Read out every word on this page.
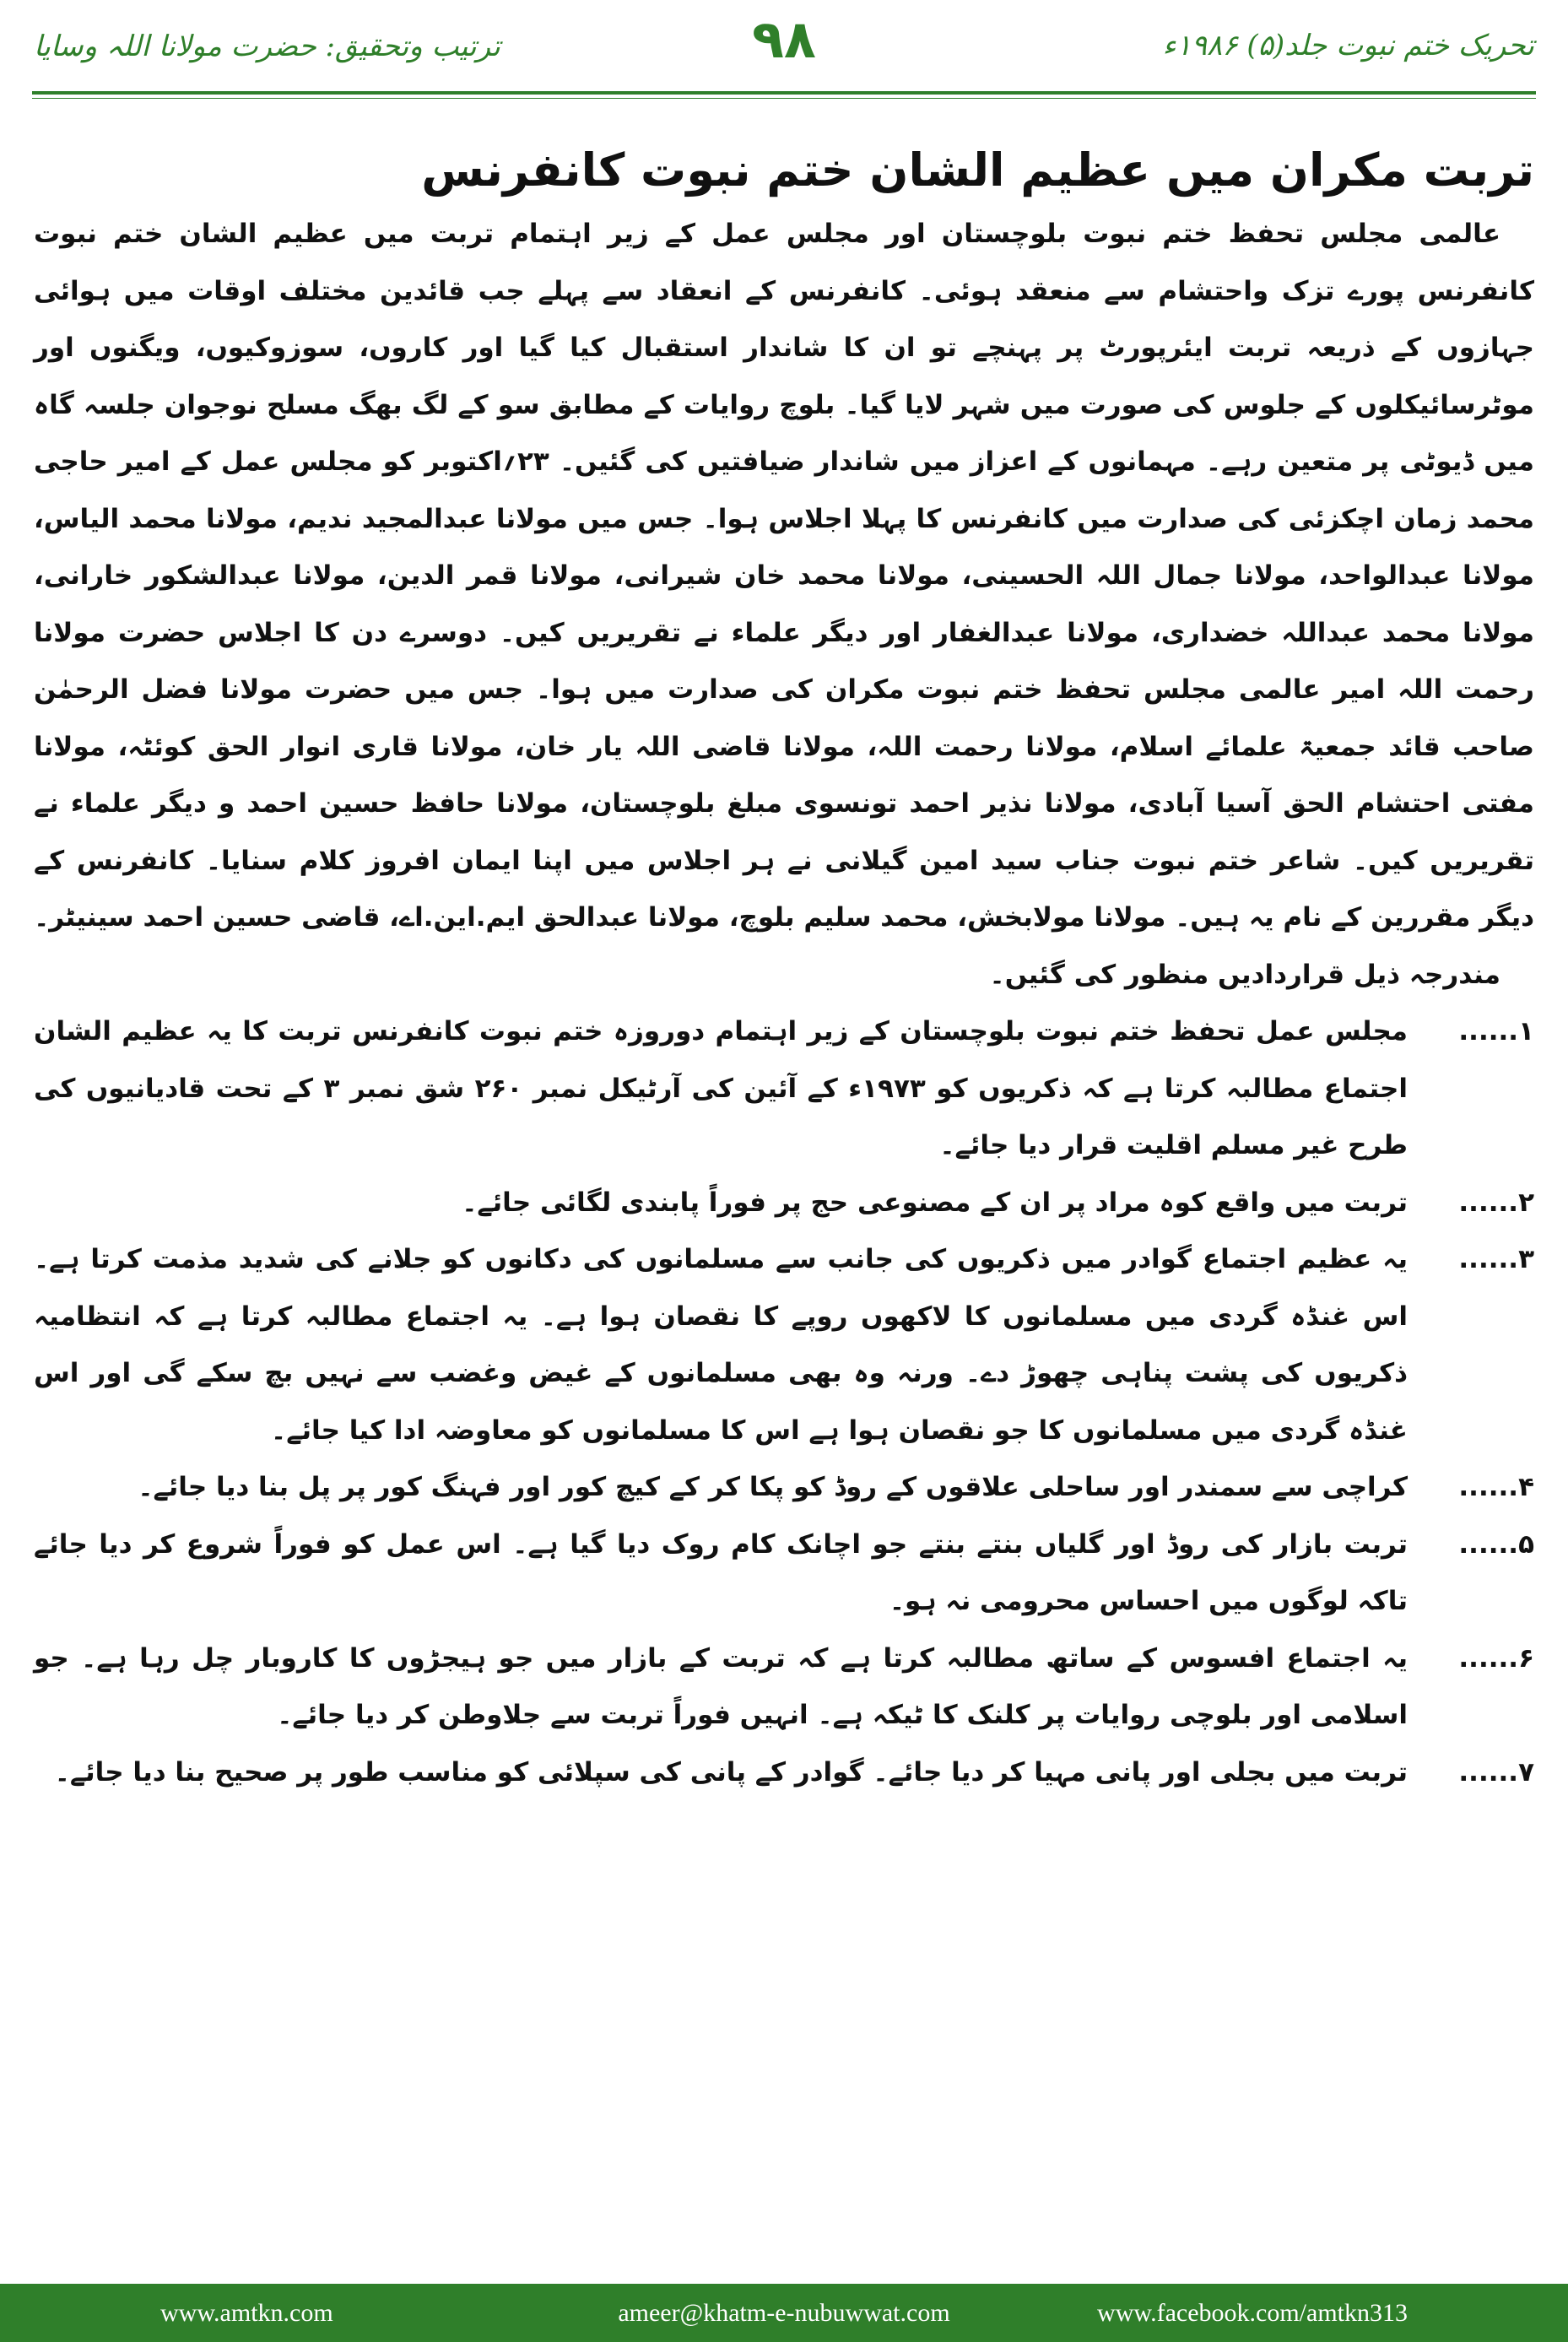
ترتیب وتحقیق: حضرت مولانا اللہ وسایا	۹۸	تحریک ختم نبوت جلد(۵) ۱۹۸۶ء
تربت مکران میں عظیم الشان ختم نبوت کانفرنس

عالمی مجلس تحفظ ختم نبوت بلوچستان اور مجلس عمل کے زیر اہتمام تربت میں عظیم الشان ختم نبوت کانفرنس پورے تزک واحتشام سے منعقد ہوئی۔ کانفرنس کے انعقاد سے پہلے جب قائدین مختلف اوقات میں ہوائی جہازوں کے ذریعہ تربت ایئرپورٹ پر پہنچے تو ان کا شاندار استقبال کیا گیا اور کاروں، سوزوکیوں، ویگنوں اور موٹرسائیکلوں کے جلوس کی صورت میں شہر لایا گیا۔ بلوچ روایات کے مطابق سو کے لگ بھگ مسلح نوجوان جلسہ گاہ میں ڈیوٹی پر متعین رہے۔ مہمانوں کے اعزاز میں شاندار ضیافتیں کی گئیں۔ ۲۳؍اکتوبر کو مجلس عمل کے امیر حاجی محمد زمان اچکزئی کی صدارت میں کانفرنس کا پہلا اجلاس ہوا۔ جس میں مولانا عبدالمجید ندیم، مولانا محمد الیاس، مولانا عبدالواحد، مولانا جمال اللہ الحسینی، مولانا محمد خان شیرانی، مولانا قمر الدین، مولانا عبدالشکور خارانی، مولانا محمد عبداللہ خضداری، مولانا عبدالغفار اور دیگر علماء نے تقریریں کیں۔ دوسرے دن کا اجلاس حضرت مولانا رحمت اللہ امیر عالمی مجلس تحفظ ختم نبوت مکران کی صدارت میں ہوا۔ جس میں حضرت مولانا فضل الرحمٰن صاحب قائد جمعیۃ علمائے اسلام، مولانا رحمت اللہ، مولانا قاضی اللہ یار خان، مولانا قاری انوار الحق کوئٹہ، مولانا مفتی احتشام الحق آسیا آبادی، مولانا نذیر احمد تونسوی مبلغ بلوچستان، مولانا حافظ حسین احمد و دیگر علماء نے تقریریں کیں۔ شاعر ختم نبوت جناب سید امین گیلانی نے ہر اجلاس میں اپنا ایمان افروز کلام سنایا۔ کانفرنس کے دیگر مقررین کے نام یہ ہیں۔ مولانا مولابخش، محمد سلیم بلوچ، مولانا عبدالحق ایم.این.اے، قاضی حسین احمد سینیٹر۔

مندرجہ ذیل قراردادیں منظور کی گئیں۔

۱......

مجلس عمل تحفظ ختم نبوت بلوچستان کے زیر اہتمام دوروزہ ختم نبوت کانفرنس تربت کا یہ عظیم الشان اجتماع مطالبہ کرتا ہے کہ ذکریوں کو ۱۹۷۳ء کے آئین کی آرٹیکل نمبر ۲۶۰ شق نمبر ۳ کے تحت قادیانیوں کی طرح غیر مسلم اقلیت قرار دیا جائے۔

۲......

تربت میں واقع کوہ مراد پر ان کے مصنوعی حج پر فوراً پابندی لگائی جائے۔

۳......

یہ عظیم اجتماع گوادر میں ذکریوں کی جانب سے مسلمانوں کی دکانوں کو جلانے کی شدید مذمت کرتا ہے۔ اس غنڈہ گردی میں مسلمانوں کا لاکھوں روپے کا نقصان ہوا ہے۔ یہ اجتماع مطالبہ کرتا ہے کہ انتظامیہ ذکریوں کی پشت پناہی چھوڑ دے۔ ورنہ وہ بھی مسلمانوں کے غیض وغضب سے نہیں بچ سکے گی اور اس غنڈہ گردی میں مسلمانوں کا جو نقصان ہوا ہے اس کا مسلمانوں کو معاوضہ ادا کیا جائے۔

۴......

کراچی سے سمندر اور ساحلی علاقوں کے روڈ کو پکا کر کے کیچ کور اور فہنگ کور پر پل بنا دیا جائے۔

۵......

تربت بازار کی روڈ اور گلیاں بنتے بنتے جو اچانک کام روک دیا گیا ہے۔ اس عمل کو فوراً شروع کر دیا جائے تاکہ لوگوں میں احساس محرومی نہ ہو۔

۶......

یہ اجتماع افسوس کے ساتھ مطالبہ کرتا ہے کہ تربت کے بازار میں جو ہیجڑوں کا کاروبار چل رہا ہے۔ جو اسلامی اور بلوچی روایات پر کلنک کا ٹیکہ ہے۔ انہیں فوراً تربت سے جلاوطن کر دیا جائے۔

۷......

تربت میں بجلی اور پانی مہیا کر دیا جائے۔ گوادر کے پانی کی سپلائی کو مناسب طور پر صحیح بنا دیا جائے۔

www.amtkn.com	ameer@khatm-e-nubuwwat.com	www.facebook.com/amtkn313
